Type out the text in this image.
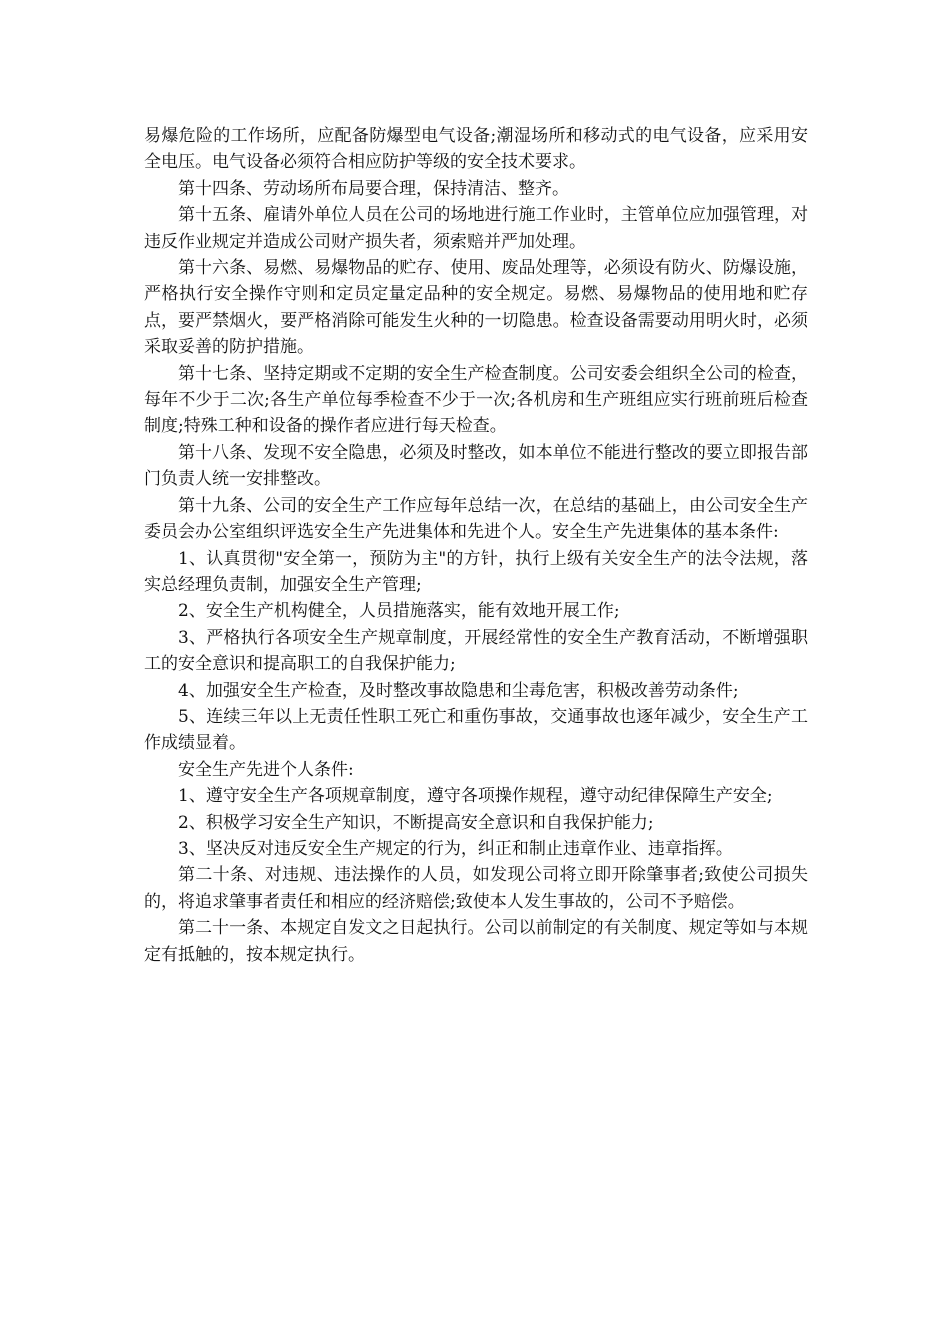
易爆危险的工作场所，应配备防爆型电气设备;潮湿场所和移动式的电气设备，应采用安全电压。电气设备必须符合相应防护等级的安全技术要求。

第十四条、劳动场所布局要合理，保持清洁、整齐。

第十五条、雇请外单位人员在公司的场地进行施工作业时，主管单位应加强管理，对违反作业规定并造成公司财产损失者，须索赔并严加处理。

第十六条、易燃、易爆物品的贮存、使用、废品处理等，必须设有防火、防爆设施，严格执行安全操作守则和定员定量定品种的安全规定。易燃、易爆物品的使用地和贮存点，要严禁烟火，要严格消除可能发生火种的一切隐患。检查设备需要动用明火时，必须采取妥善的防护措施。

第十七条、坚持定期或不定期的安全生产检查制度。公司安委会组织全公司的检查，每年不少于二次;各生产单位每季检查不少于一次;各机房和生产班组应实行班前班后检查制度;特殊工种和设备的操作者应进行每天检查。

第十八条、发现不安全隐患，必须及时整改，如本单位不能进行整改的要立即报告部门负责人统一安排整改。

第十九条、公司的安全生产工作应每年总结一次，在总结的基础上，由公司安全生产委员会办公室组织评选安全生产先进集体和先进个人。安全生产先进集体的基本条件:

1、认真贯彻"安全第一，预防为主"的方针，执行上级有关安全生产的法令法规，落实总经理负责制，加强安全生产管理;

2、安全生产机构健全，人员措施落实，能有效地开展工作;

3、严格执行各项安全生产规章制度，开展经常性的安全生产教育活动，不断增强职工的安全意识和提高职工的自我保护能力;

4、加强安全生产检查，及时整改事故隐患和尘毒危害，积极改善劳动条件;

5、连续三年以上无责任性职工死亡和重伤事故，交通事故也逐年减少，安全生产工作成绩显着。

安全生产先进个人条件:

1、遵守安全生产各项规章制度，遵守各项操作规程，遵守动纪律保障生产安全;

2、积极学习安全生产知识，不断提高安全意识和自我保护能力;

3、坚决反对违反安全生产规定的行为，纠正和制止违章作业、违章指挥。

第二十条、对违规、违法操作的人员，如发现公司将立即开除肇事者;致使公司损失的，将追求肇事者责任和相应的经济赔偿;致使本人发生事故的，公司不予赔偿。

第二十一条、本规定自发文之日起执行。公司以前制定的有关制度、规定等如与本规定有抵触的，按本规定执行。
